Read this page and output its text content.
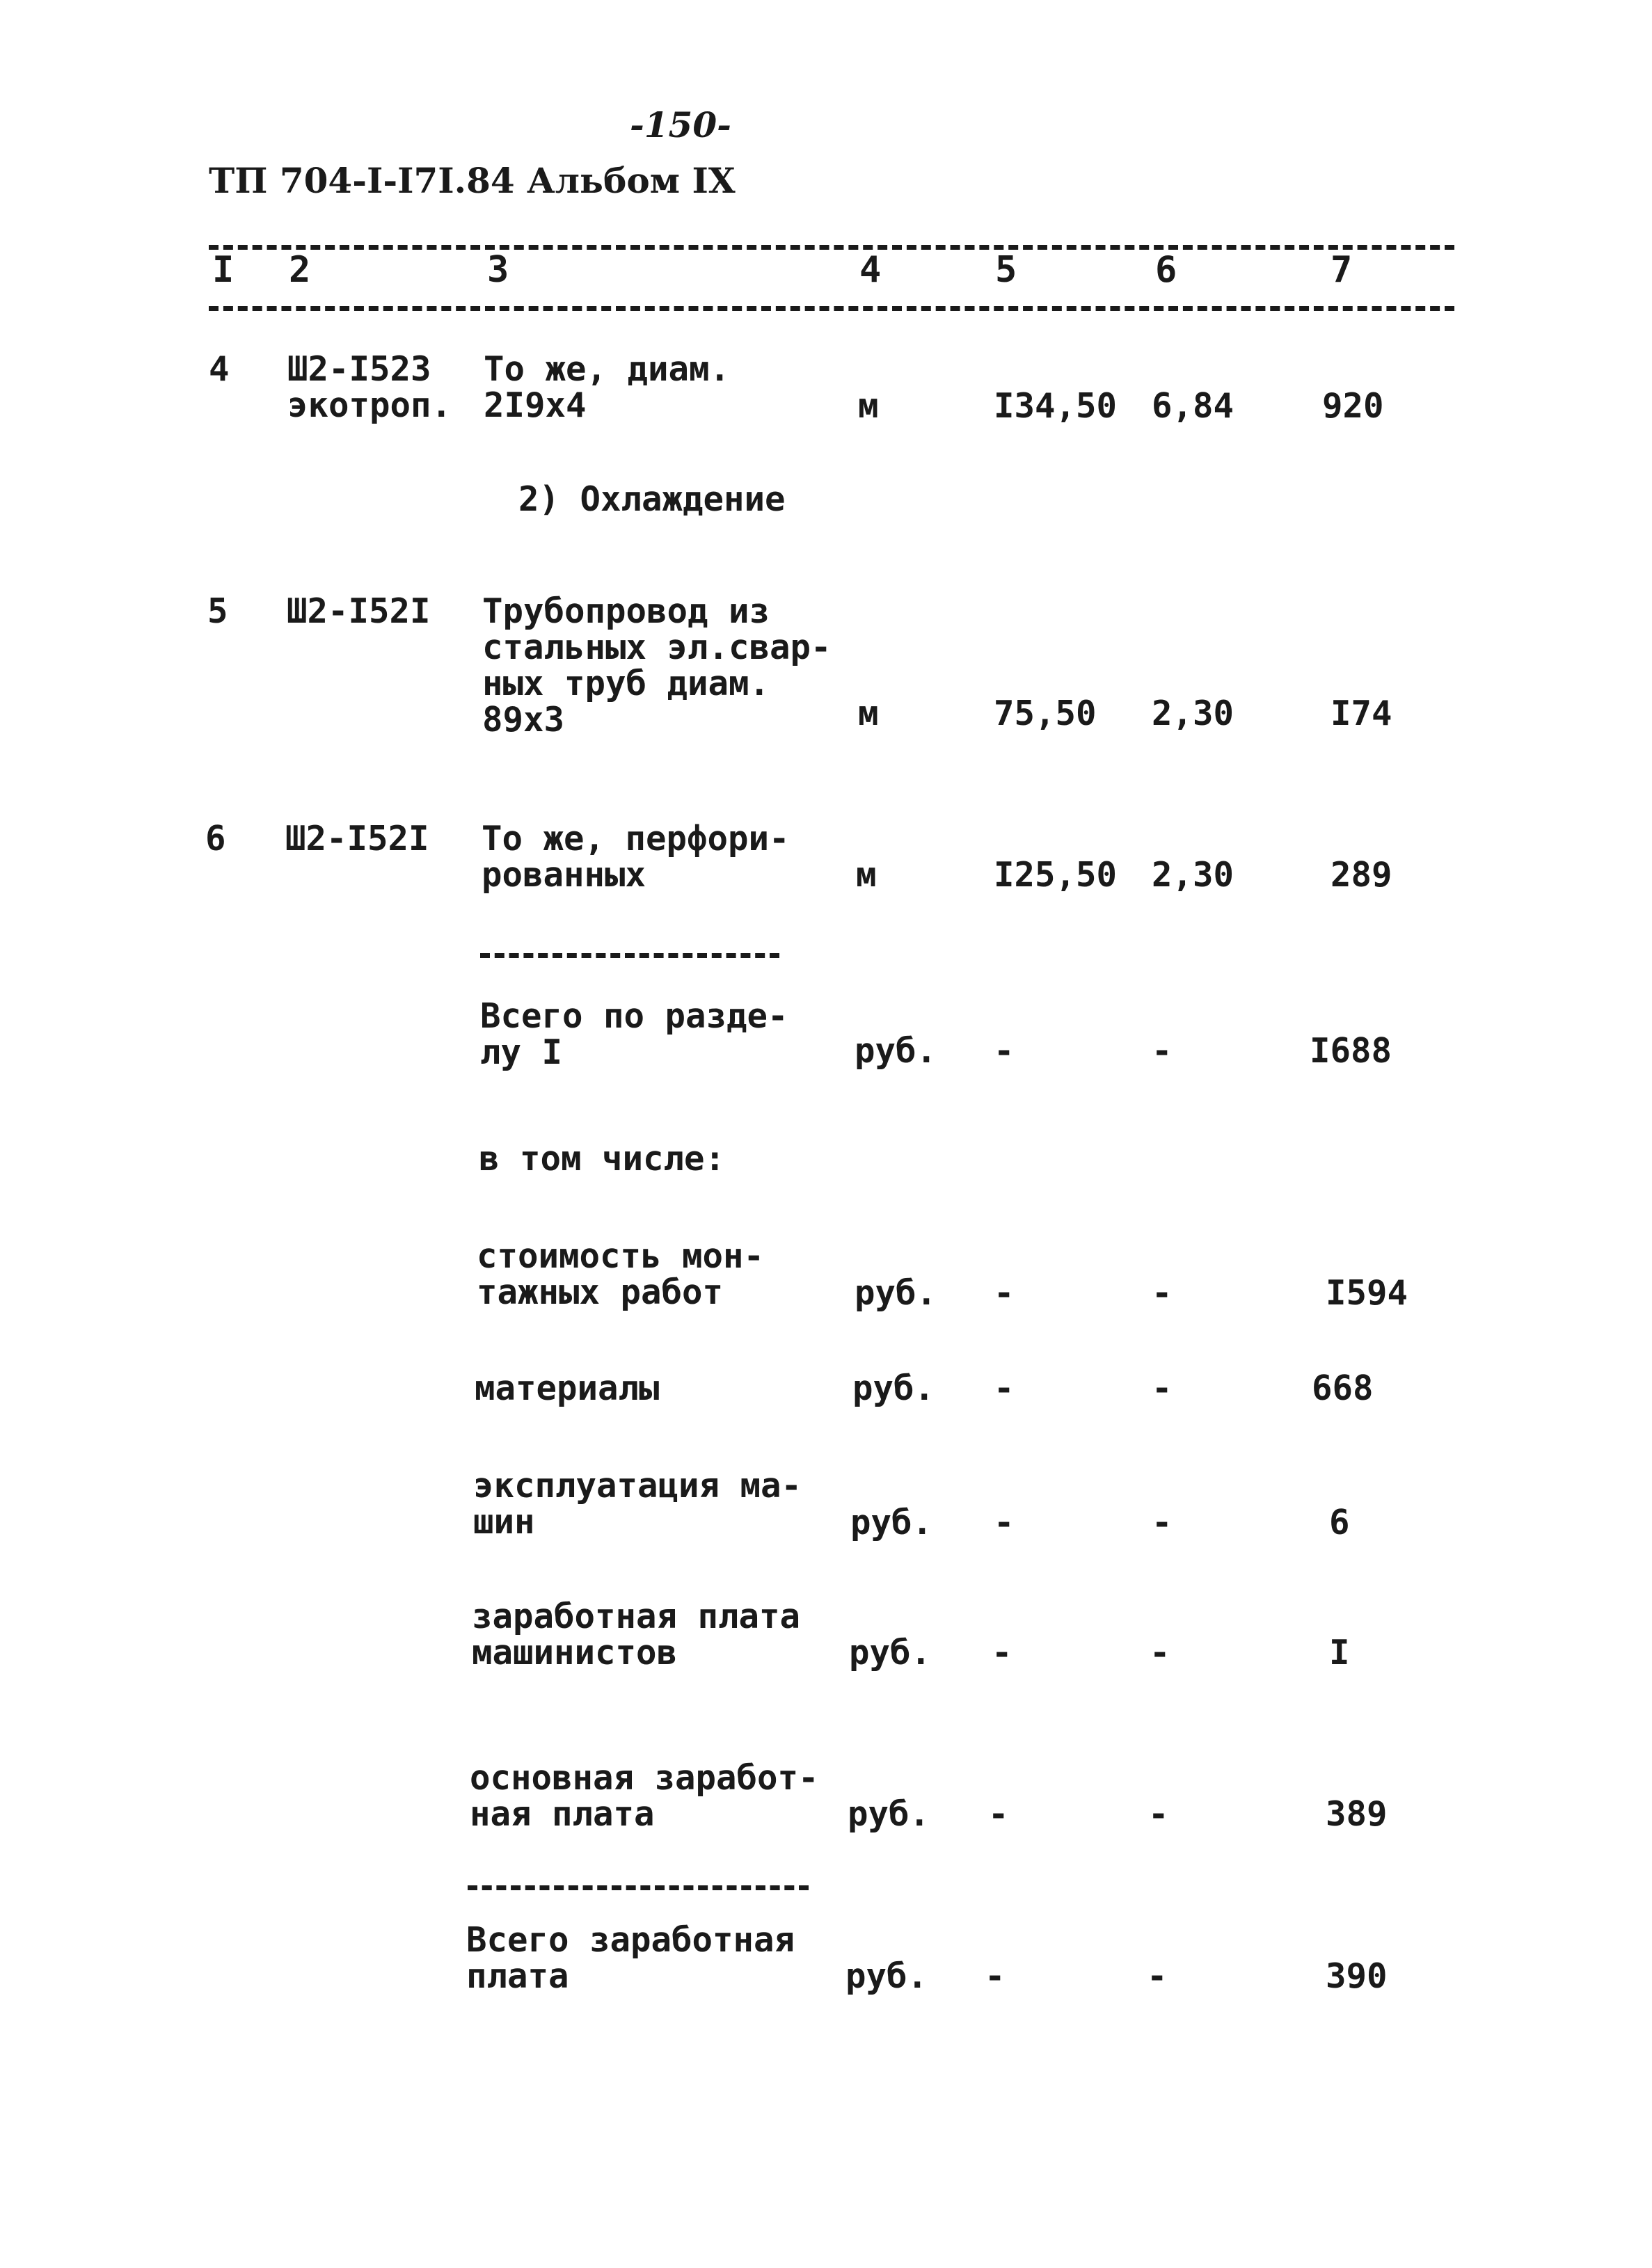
-150-
ТП 704-I-I7I.84 Альбом IX
I 2	3	4	5	6	7
4 Ш2-I523
экотроп.
То же, диам.
2I9х4	м	I34,50 6,84	920
2) Охлаждение
5 Ш2-I52I Трубопровод из
стальных эл.свар-
ных труб диам.
89х3	м	75,50 2,30	I74
6 Ш2-I52I То же, перфори-
рованных	м	I25,50 2,30	289
Всего по разде-
лу I	руб. -	-	I688
в том числе:
стоимость мон-
тажных работ	руб. -	-	I594
материалы	руб. -	-	668
эксплуатация ма-
шин	руб. -	-	6
заработная плата
машинистов	руб. -	-	I
основная заработ-
ная плата	руб. -	-	389
Всего заработная
плата	руб. -	-	390
